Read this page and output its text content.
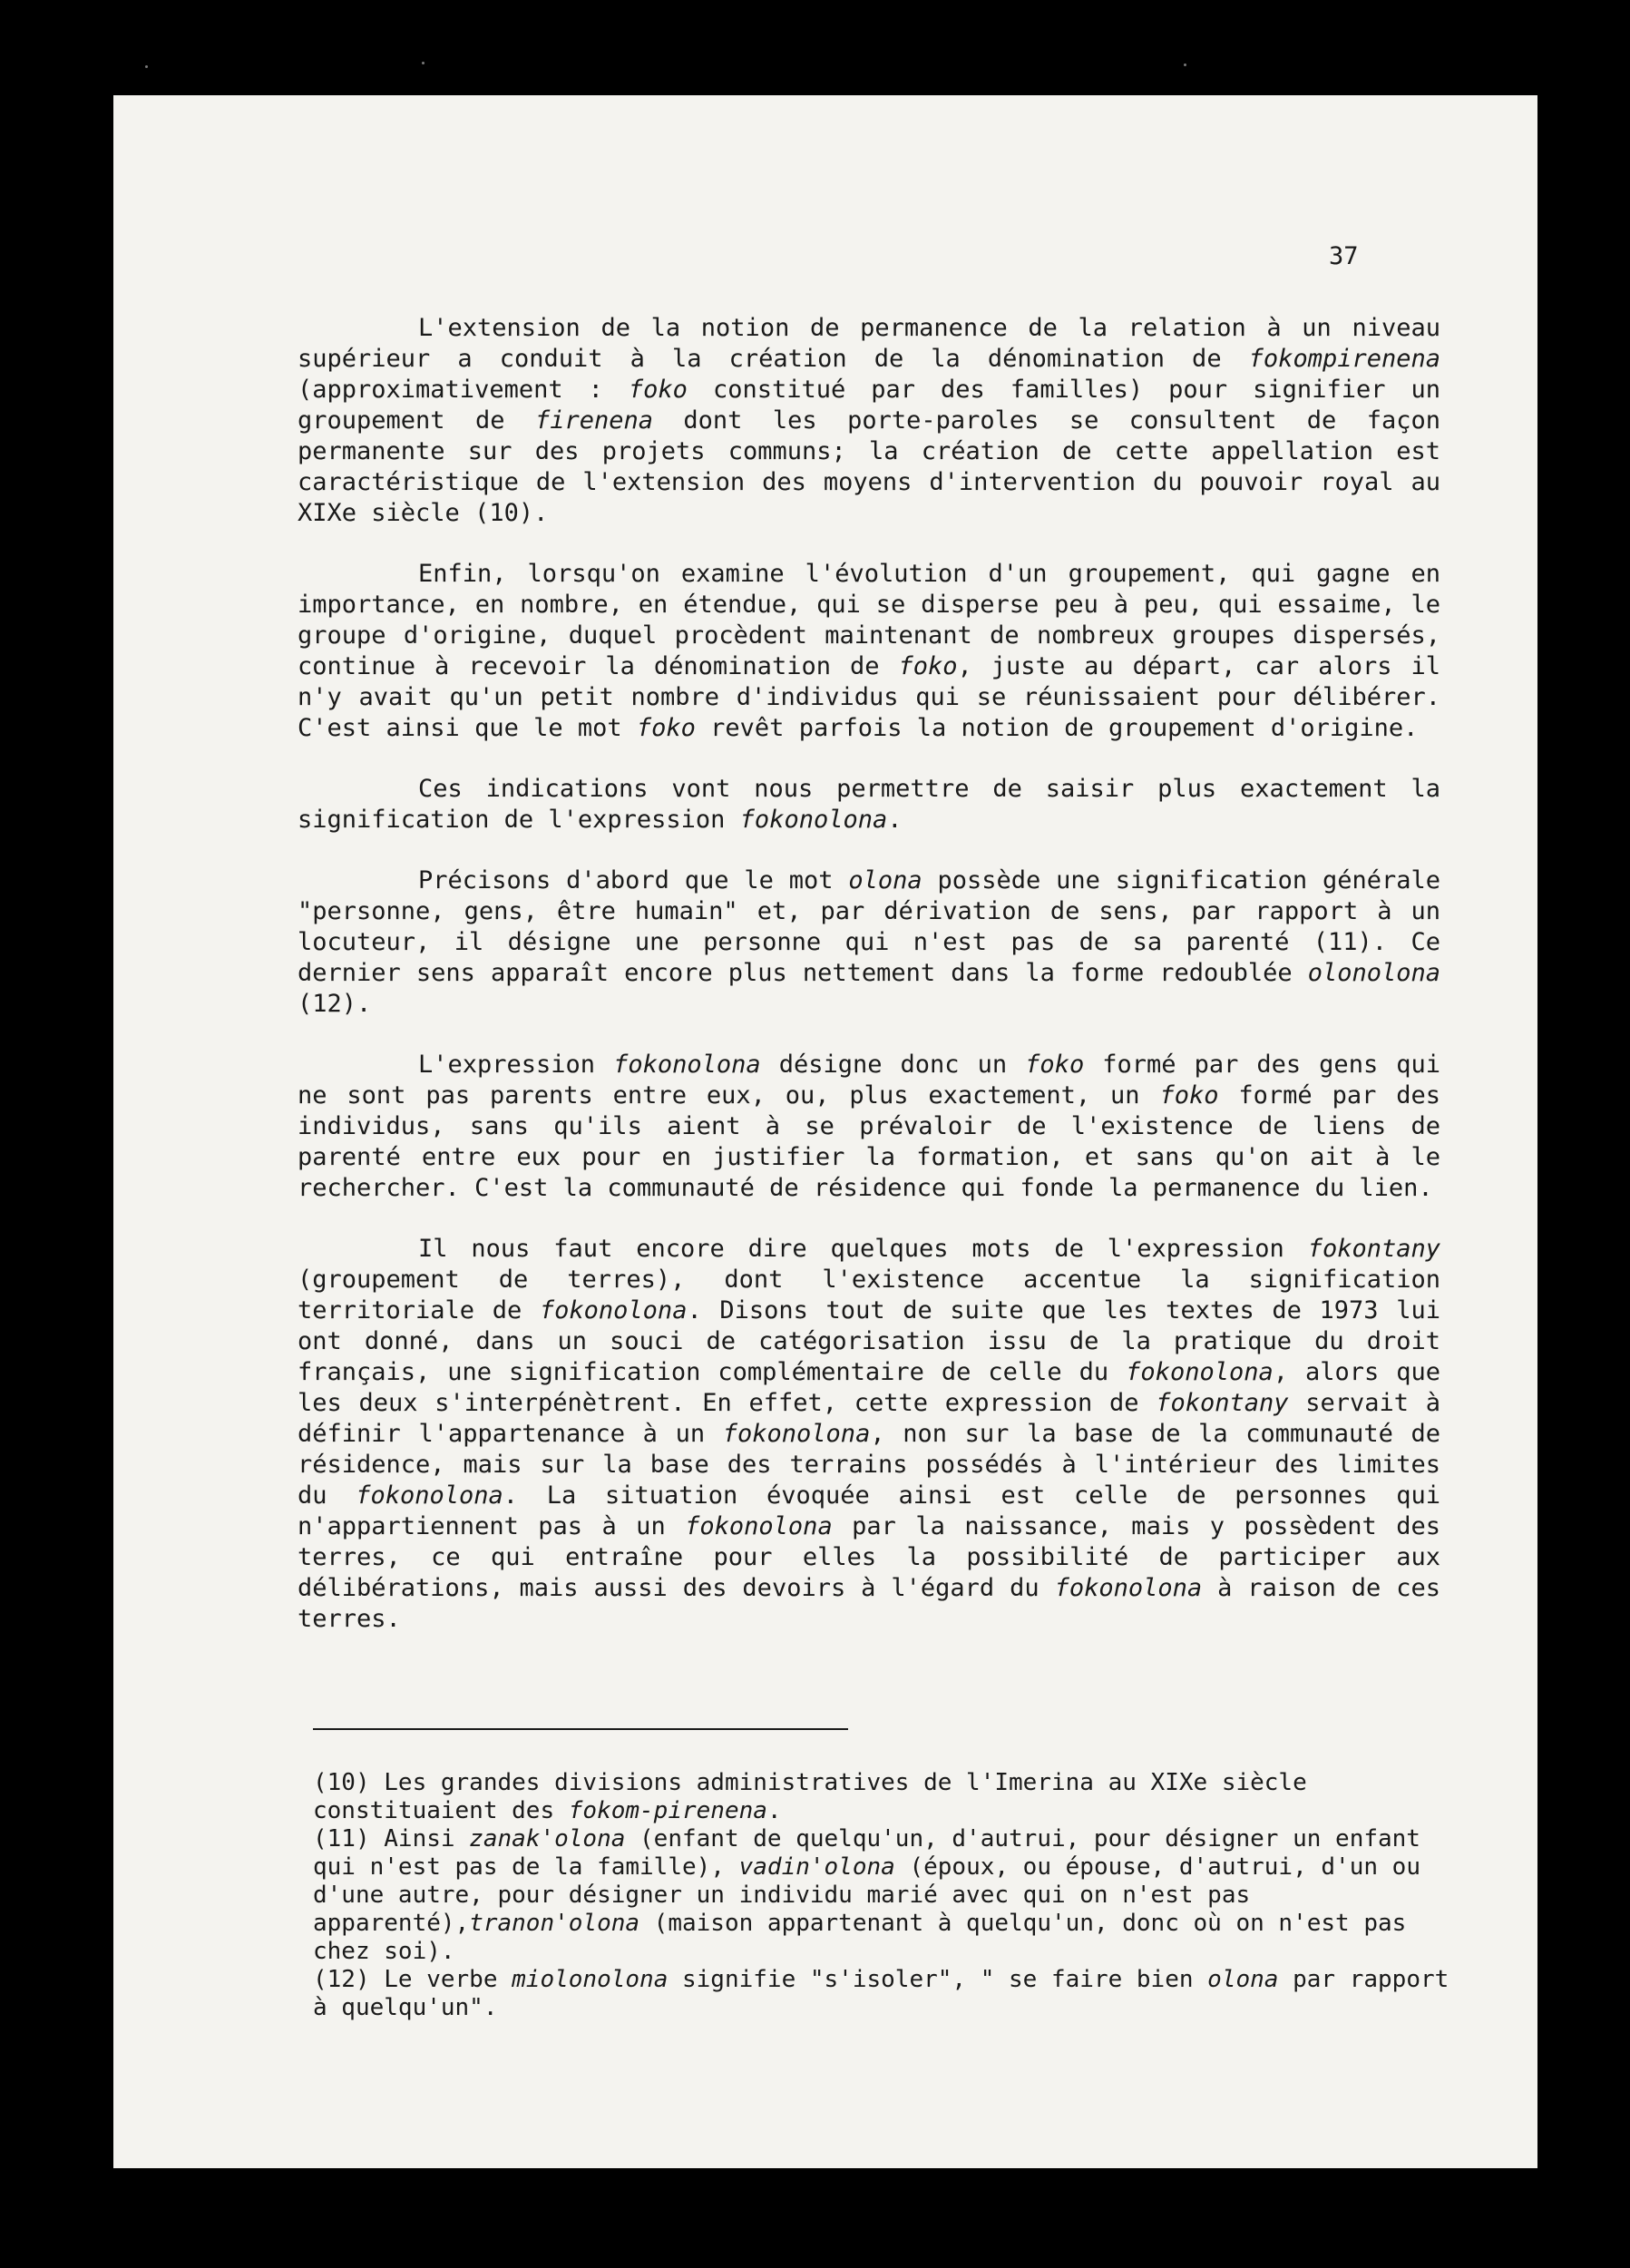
37

L'extension de la notion de permanence de la relation à un niveau supérieur a conduit à la création de la dénomination de fokompirenena (approximativement : foko constitué par des familles) pour signifier un groupement de firenena dont les porte-paroles se consultent de façon permanente sur des projets communs; la création de cette appellation est caractéristique de l'extension des moyens d'intervention du pouvoir royal au XIXe siècle (10).

Enfin, lorsqu'on examine l'évolution d'un groupement, qui gagne en importance, en nombre, en étendue, qui se disperse peu à peu, qui essaime, le groupe d'origine, duquel procèdent maintenant de nombreux groupes dispersés, continue à recevoir la dénomination de foko, juste au départ, car alors il n'y avait qu'un petit nombre d'individus qui se réunissaient pour délibérer. C'est ainsi que le mot foko revêt parfois la notion de groupement d'origine.

Ces indications vont nous permettre de saisir plus exactement la signification de l'expression fokonolona.

Précisons d'abord que le mot olona possède une signification générale "personne, gens, être humain" et, par dérivation de sens, par rapport à un locuteur, il désigne une personne qui n'est pas de sa parenté (11). Ce dernier sens apparaît encore plus nettement dans la forme redoublée olonolona (12).

L'expression fokonolona désigne donc un foko formé par des gens qui ne sont pas parents entre eux, ou, plus exactement, un foko formé par des individus, sans qu'ils aient à se prévaloir de l'existence de liens de parenté entre eux pour en justifier la formation, et sans qu'on ait à le rechercher. C'est la communauté de résidence qui fonde la permanence du lien.

Il nous faut encore dire quelques mots de l'expression fokontany (groupement de terres), dont l'existence accentue la signification territoriale de fokonolona. Disons tout de suite que les textes de 1973 lui ont donné, dans un souci de catégorisation issu de la pratique du droit français, une signification complémentaire de celle du fokonolona, alors que les deux s'interpénètrent. En effet, cette expression de fokontany servait à définir l'appartenance à un fokonolona, non sur la base de la communauté de résidence, mais sur la base des terrains possédés à l'intérieur des limites du fokonolona. La situation évoquée ainsi est celle de personnes qui n'appartiennent pas à un fokonolona par la naissance, mais y possèdent des terres, ce qui entraîne pour elles la possibilité de participer aux délibérations, mais aussi des devoirs à l'égard du fokonolona à raison de ces terres.

(10) Les grandes divisions administratives de l'Imerina au XIXe siècle constituaient des fokom-pirenena.

(11) Ainsi zanak'olona (enfant de quelqu'un, d'autrui, pour désigner un enfant qui n'est pas de la famille), vadin'olona (époux, ou épouse, d'autrui, d'un ou d'une autre, pour désigner un individu marié avec qui on n'est pas apparenté),tranon'olona (maison appartenant à quelqu'un, donc où on n'est pas chez soi).

(12) Le verbe miolonolona signifie "s'isoler", " se faire bien olona par rapport à quelqu'un".
